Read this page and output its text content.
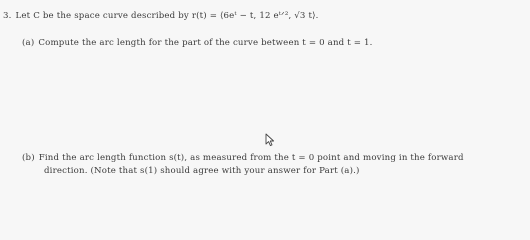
3. Let C be the space curve described by r(t) = ⟨6eᵗ − t, 12 eᵗᐟ², √3 t⟩.
(a) Compute the arc length for the part of the curve between t = 0 and t = 1.
(b) Find the arc length function s(t), as measured from the t = 0 point and moving in the forward
direction. (Note that s(1) should agree with your answer for Part (a).)
